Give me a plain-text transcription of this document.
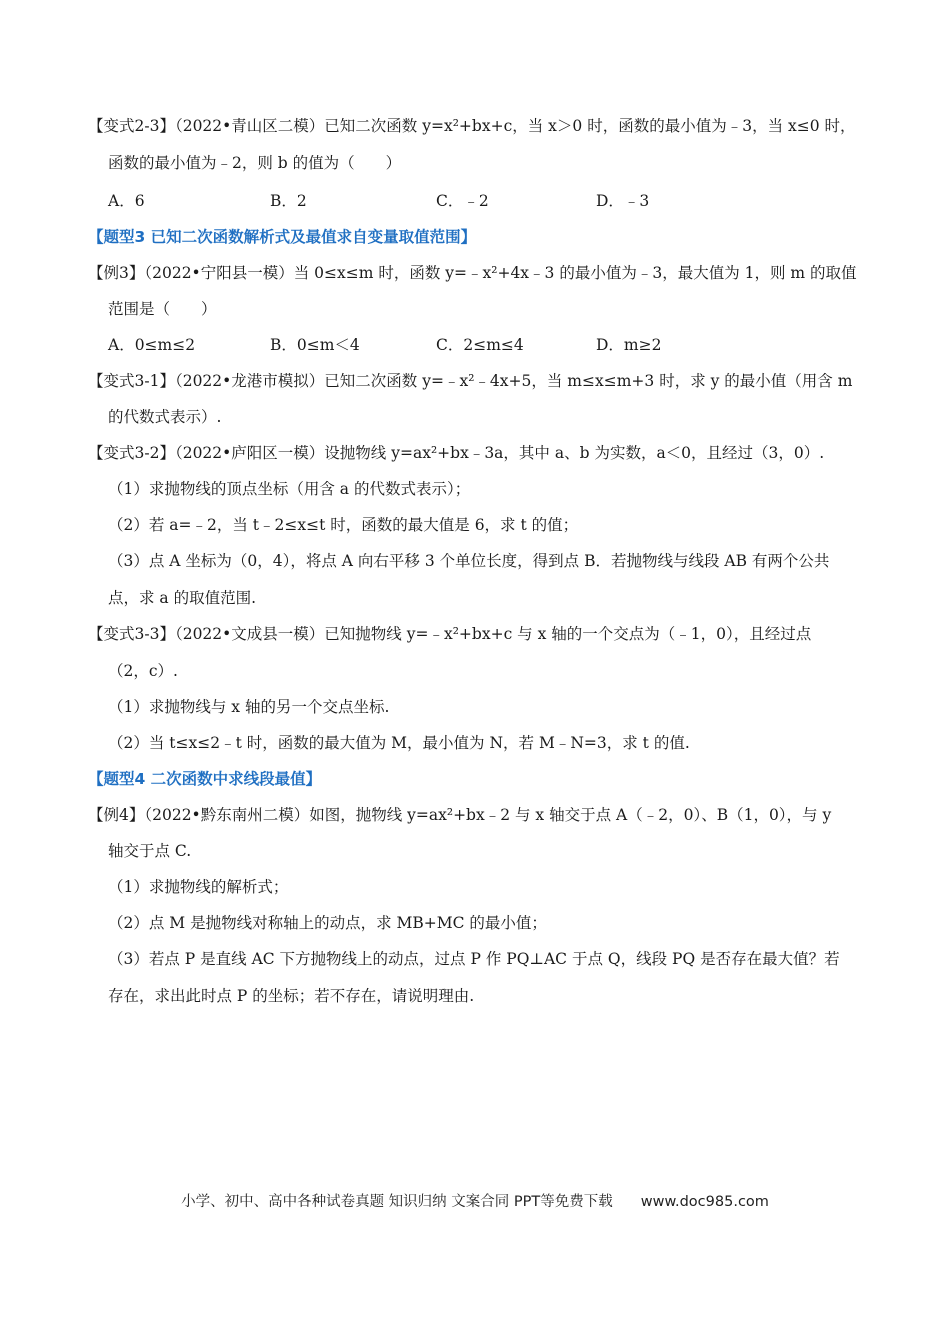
【变式2-3】（2022•青山区二模）已知二次函数 y=x²+bx+c，当 x＞0 时，函数的最小值为﹣3，当 x≤0 时，
函数的最小值为﹣2，则 b 的值为（　　）
A．6	B．2	C．﹣2	D．﹣3
【题型3 已知二次函数解析式及最值求自变量取值范围】
【例3】（2022•宁阳县一模）当 0≤x≤m 时，函数 y=﹣x²+4x﹣3 的最小值为﹣3，最大值为 1，则 m 的取值
范围是（　　）
A．0≤m≤2	B．0≤m＜4	C．2≤m≤4	D．m≥2
【变式3-1】（2022•龙港市模拟）已知二次函数 y=﹣x²﹣4x+5，当 m≤x≤m+3 时，求 y 的最小值（用含 m
的代数式表示）.
【变式3-2】（2022•庐阳区一模）设抛物线 y=ax²+bx﹣3a，其中 a、b 为实数，a＜0，且经过（3，0）.
（1）求抛物线的顶点坐标（用含 a 的代数式表示）；
（2）若 a=﹣2，当 t﹣2≤x≤t 时，函数的最大值是 6，求 t 的值；
（3）点 A 坐标为（0，4），将点 A 向右平移 3 个单位长度，得到点 B．若抛物线与线段 AB 有两个公共
点，求 a 的取值范围.
【变式3-3】（2022•文成县一模）已知抛物线 y=﹣x²+bx+c 与 x 轴的一个交点为（﹣1，0），且经过点
（2，c）.
（1）求抛物线与 x 轴的另一个交点坐标.
（2）当 t≤x≤2﹣t 时，函数的最大值为 M，最小值为 N，若 M﹣N=3，求 t 的值.
【题型4 二次函数中求线段最值】
【例4】（2022•黔东南州二模）如图，抛物线 y=ax²+bx﹣2 与 x 轴交于点 A（﹣2，0）、B（1，0），与 y
轴交于点 C.
（1）求抛物线的解析式；
（2）点 M 是抛物线对称轴上的动点，求 MB+MC 的最小值；
（3）若点 P 是直线 AC 下方抛物线上的动点，过点 P 作 PQ⊥AC 于点 Q，线段 PQ 是否存在最大值？若
存在，求出此时点 P 的坐标；若不存在，请说明理由.
小学、初中、高中各种试卷真题 知识归纳 文案合同 PPT等免费下载 www.doc985.com
